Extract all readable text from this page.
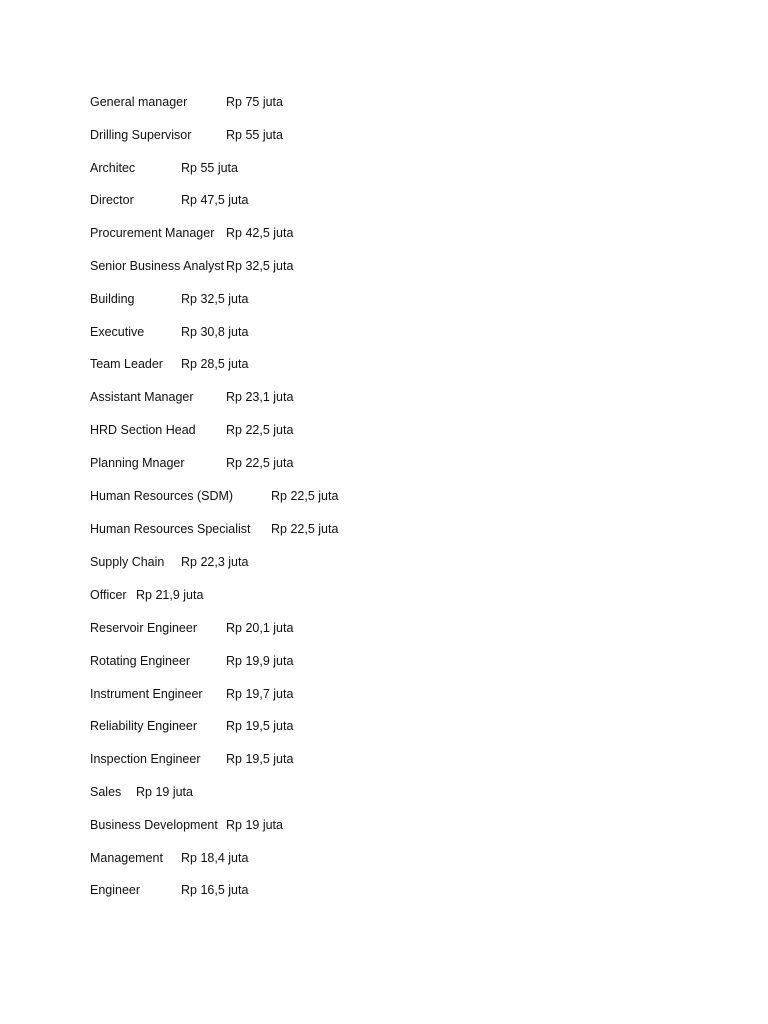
General manager	Rp 75 juta
Drilling Supervisor	Rp 55 juta
Architec	Rp 55 juta
Director	Rp 47,5 juta
Procurement Manager Rp 42,5 juta
Senior Business Analyst Rp 32,5 juta
Building	Rp 32,5 juta
Executive	Rp 30,8 juta
Team Leader Rp 28,5 juta
Assistant Manager	Rp 23,1 juta
HRD Section Head Rp 22,5 juta
Planning Mnager	Rp 22,5 juta
Human Resources (SDM)	Rp 22,5 juta
Human Resources Specialist Rp 22,5 juta
Supply Chain Rp 22,3 juta
Officer Rp 21,9 juta
Reservoir Engineer Rp 20,1 juta
Rotating Engineer	Rp 19,9 juta
Instrument Engineer Rp 19,7 juta
Reliability Engineer Rp 19,5 juta
Inspection Engineer Rp 19,5 juta
Sales Rp 19 juta
Business Development Rp 19 juta
Management Rp 18,4 juta
Engineer	Rp 16,5 juta
